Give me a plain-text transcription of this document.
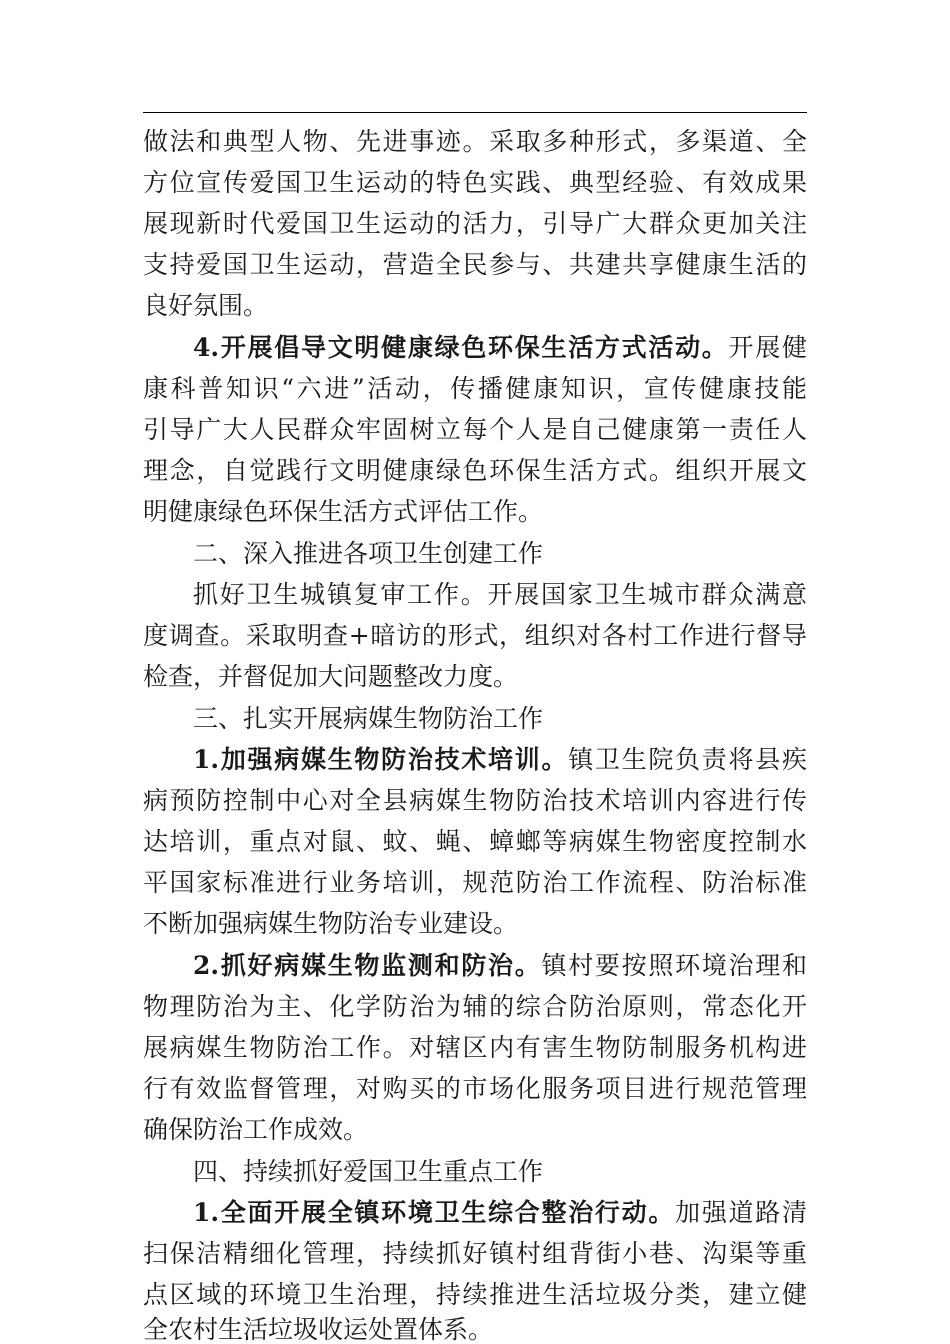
做法和典型人物、先进事迹。采取多种形式，多渠道、全
方位宣传爱国卫生运动的特色实践、典型经验、有效成果
展现新时代爱国卫生运动的活力，引导广大群众更加关注
支持爱国卫生运动，营造全民参与、共建共享健康生活的
良好氛围。
4.开展倡导文明健康绿色环保生活方式活动。开展健
康科普知识“六进”活动，传播健康知识，宣传健康技能
引导广大人民群众牢固树立每个人是自己健康第一责任人
理念，自觉践行文明健康绿色环保生活方式。组织开展文
明健康绿色环保生活方式评估工作。
二、深入推进各项卫生创建工作
抓好卫生城镇复审工作。开展国家卫生城市群众满意
度调查。采取明查+暗访的形式，组织对各村工作进行督导
检查，并督促加大问题整改力度。
三、扎实开展病媒生物防治工作
1.加强病媒生物防治技术培训。镇卫生院负责将县疾
病预防控制中心对全县病媒生物防治技术培训内容进行传
达培训，重点对鼠、蚊、蝇、蟑螂等病媒生物密度控制水
平国家标准进行业务培训，规范防治工作流程、防治标准
不断加强病媒生物防治专业建设。
2.抓好病媒生物监测和防治。镇村要按照环境治理和
物理防治为主、化学防治为辅的综合防治原则，常态化开
展病媒生物防治工作。对辖区内有害生物防制服务机构进
行有效监督管理，对购买的市场化服务项目进行规范管理
确保防治工作成效。
四、持续抓好爱国卫生重点工作
1.全面开展全镇环境卫生综合整治行动。加强道路清
扫保洁精细化管理，持续抓好镇村组背街小巷、沟渠等重
点区域的环境卫生治理，持续推进生活垃圾分类，建立健
全农村生活垃圾收运处置体系。
